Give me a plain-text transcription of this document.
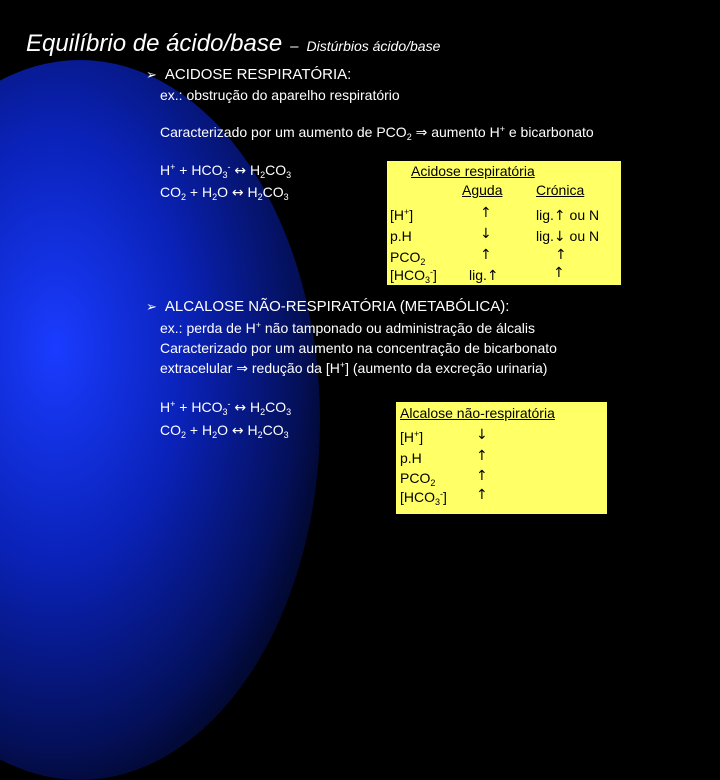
Equilíbrio de ácido/base – Distúrbios ácido/base
➢ ACIDOSE RESPIRATÓRIA:
ex.: obstrução do aparelho respiratório
Caracterizado por um aumento de $PCO_2$ ⇒ aumento H+ e bicarbonato
$H^+ + HCO_3^-$ ↔ $H_2CO_3$
$CO_2 + H_2O$ ↔ $H_2CO_3$
Acidose respiratória
Aguda Crónica
[H+]	↑	lig.↑ ou N
p.H	↓	lig.↓ ou N
$PCO_2$	↑	↑
$[HCO_3^-]$ lig.↑	↑
➢ ALCALOSE NÃO-RESPIRATÓRIA (METABÓLICA):
ex.: perda de H+ não tamponado ou administração de álcalis
Caracterizado por um aumento na concentração de bicarbonato
extracelular ⇒ redução da [H+] (aumento da excreção urinaria)
$H^+ + HCO_3^-$ ↔ $H_2CO_3$
$CO_2 + H_2O$ ↔ $H_2CO_3$
Alcalose não-respiratória
[H+]	↓
p.H	↑
$PCO_2$	↑
$[HCO_3^-]$ ↑
